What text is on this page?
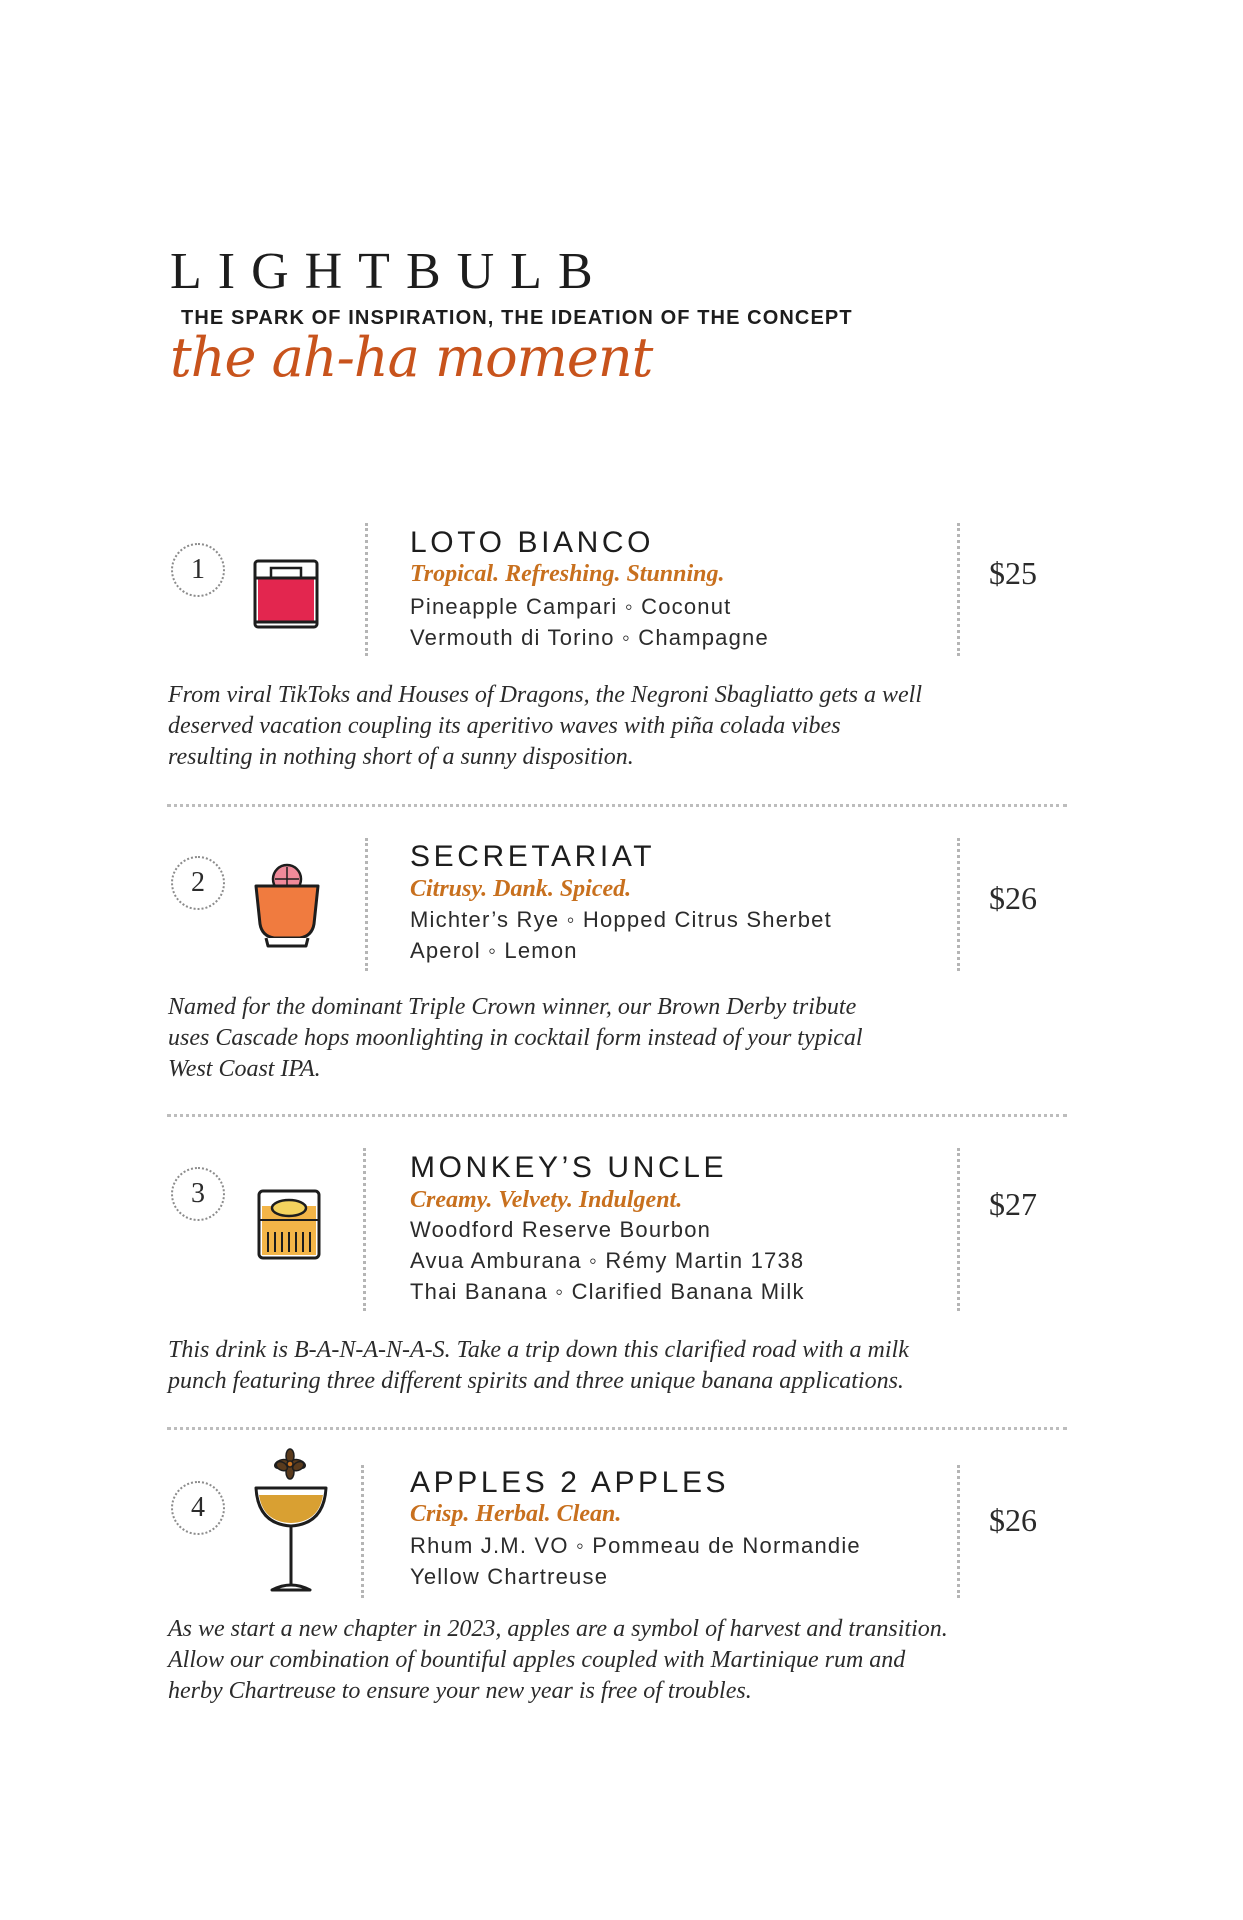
LIGHTBULB
THE SPARK OF INSPIRATION, THE IDEATION OF THE CONCEPT
the ah-ha moment
1
LOTO BIANCO
Tropical. Refreshing. Stunning.
Pineapple Campari ◦ Coconut
Vermouth di Torino ◦ Champagne
$25
From viral TikToks and Houses of Dragons, the Negroni Sbagliatto gets a well
deserved vacation coupling its aperitivo waves with piña colada vibes
resulting in nothing short of a sunny disposition.
2
SECRETARIAT
Citrusy. Dank. Spiced.
Michter’s Rye ◦ Hopped Citrus Sherbet
Aperol ◦ Lemon
$26
Named for the dominant Triple Crown winner, our Brown Derby tribute
uses Cascade hops moonlighting in cocktail form instead of your typical
West Coast IPA.
3
MONKEY’S UNCLE
Creamy. Velvety. Indulgent.
Woodford Reserve Bourbon
Avua Amburana ◦ Rémy Martin 1738
Thai Banana ◦ Clarified Banana Milk
$27
This drink is B-A-N-A-N-A-S. Take a trip down this clarified road with a milk
punch featuring three different spirits and three unique banana applications.
4
APPLES 2 APPLES
Crisp. Herbal. Clean.
Rhum J.M. VO ◦ Pommeau de Normandie
Yellow Chartreuse
$26
As we start a new chapter in 2023, apples are a symbol of harvest and transition.
Allow our combination of bountiful apples coupled with Martinique rum and
herby Chartreuse to ensure your new year is free of troubles.
